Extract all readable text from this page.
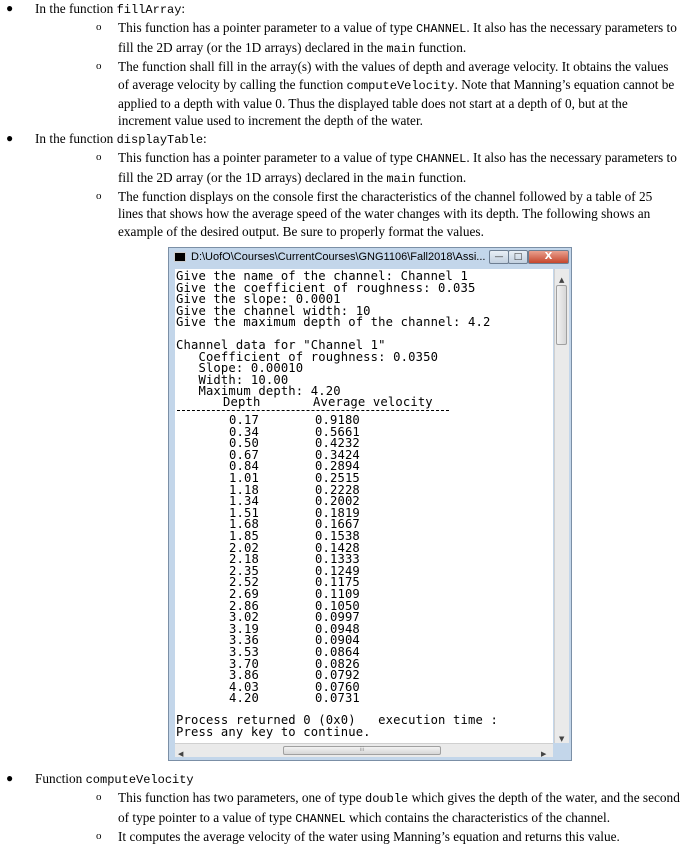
● In the function fillArray:
o This function has a pointer parameter to a value of type CHANNEL. It also has the necessary parameters to fill the 2D array (or the 1D arrays) declared in the main function.
o The function shall fill in the array(s) with the values of depth and average velocity. It obtains the values of average velocity by calling the function computeVelocity. Note that Manning’s equation cannot be applied to a depth with value 0. Thus the displayed table does not start at a depth of 0, but at the increment value used to increment the depth of the water.
● In the function displayTable:
o This function has a pointer parameter to a value of type CHANNEL. It also has the necessary parameters to fill the 2D array (or the 1D arrays) declared in the main function.
o The function displays on the console first the characteristics of the channel followed by a table of 25 lines that shows how the average speed of the water changes with its depth. The following shows an example of the desired output. Be sure to properly format the values.
D:\UofO\Courses\CurrentCourses\GNG1106\Fall2018\Assi...	—	□	X
Give the name of the channel: Channel 1
Give the coefficient of roughness: 0.035
Give the slope: 0.0001
Give the channel width: 10
Give the maximum depth of the channel: 4.2
Channel data for "Channel 1"
Coefficient of roughness: 0.0350
Slope: 0.00010
Width: 10.00
Maximum depth: 4.20
Depth	Average velocity
0.17	0.9180
0.34	0.5661
0.50	0.4232
0.67	0.3424
0.84	0.2894
1.01	0.2515
1.18	0.2228
1.34	0.2002
1.51	0.1819
1.68	0.1667
1.85	0.1538
2.02	0.1428
2.18	0.1333
2.35	0.1249
2.52	0.1175
2.69	0.1109
2.86	0.1050
3.02	0.0997
3.19	0.0948
3.36	0.0904
3.53	0.0864
3.70	0.0826
3.86	0.0792
4.03	0.0760
4.20	0.0731
Process returned 0 (0x0)   execution time :
Press any key to continue.
▲
▼
◀	⁞⁞⁞	▶
● Function computeVelocity
o This function has two parameters, one of type double which gives the depth of the water, and the second of type pointer to a value of type CHANNEL which contains the characteristics of the channel.
o It computes the average velocity of the water using Manning’s equation and returns this value.
